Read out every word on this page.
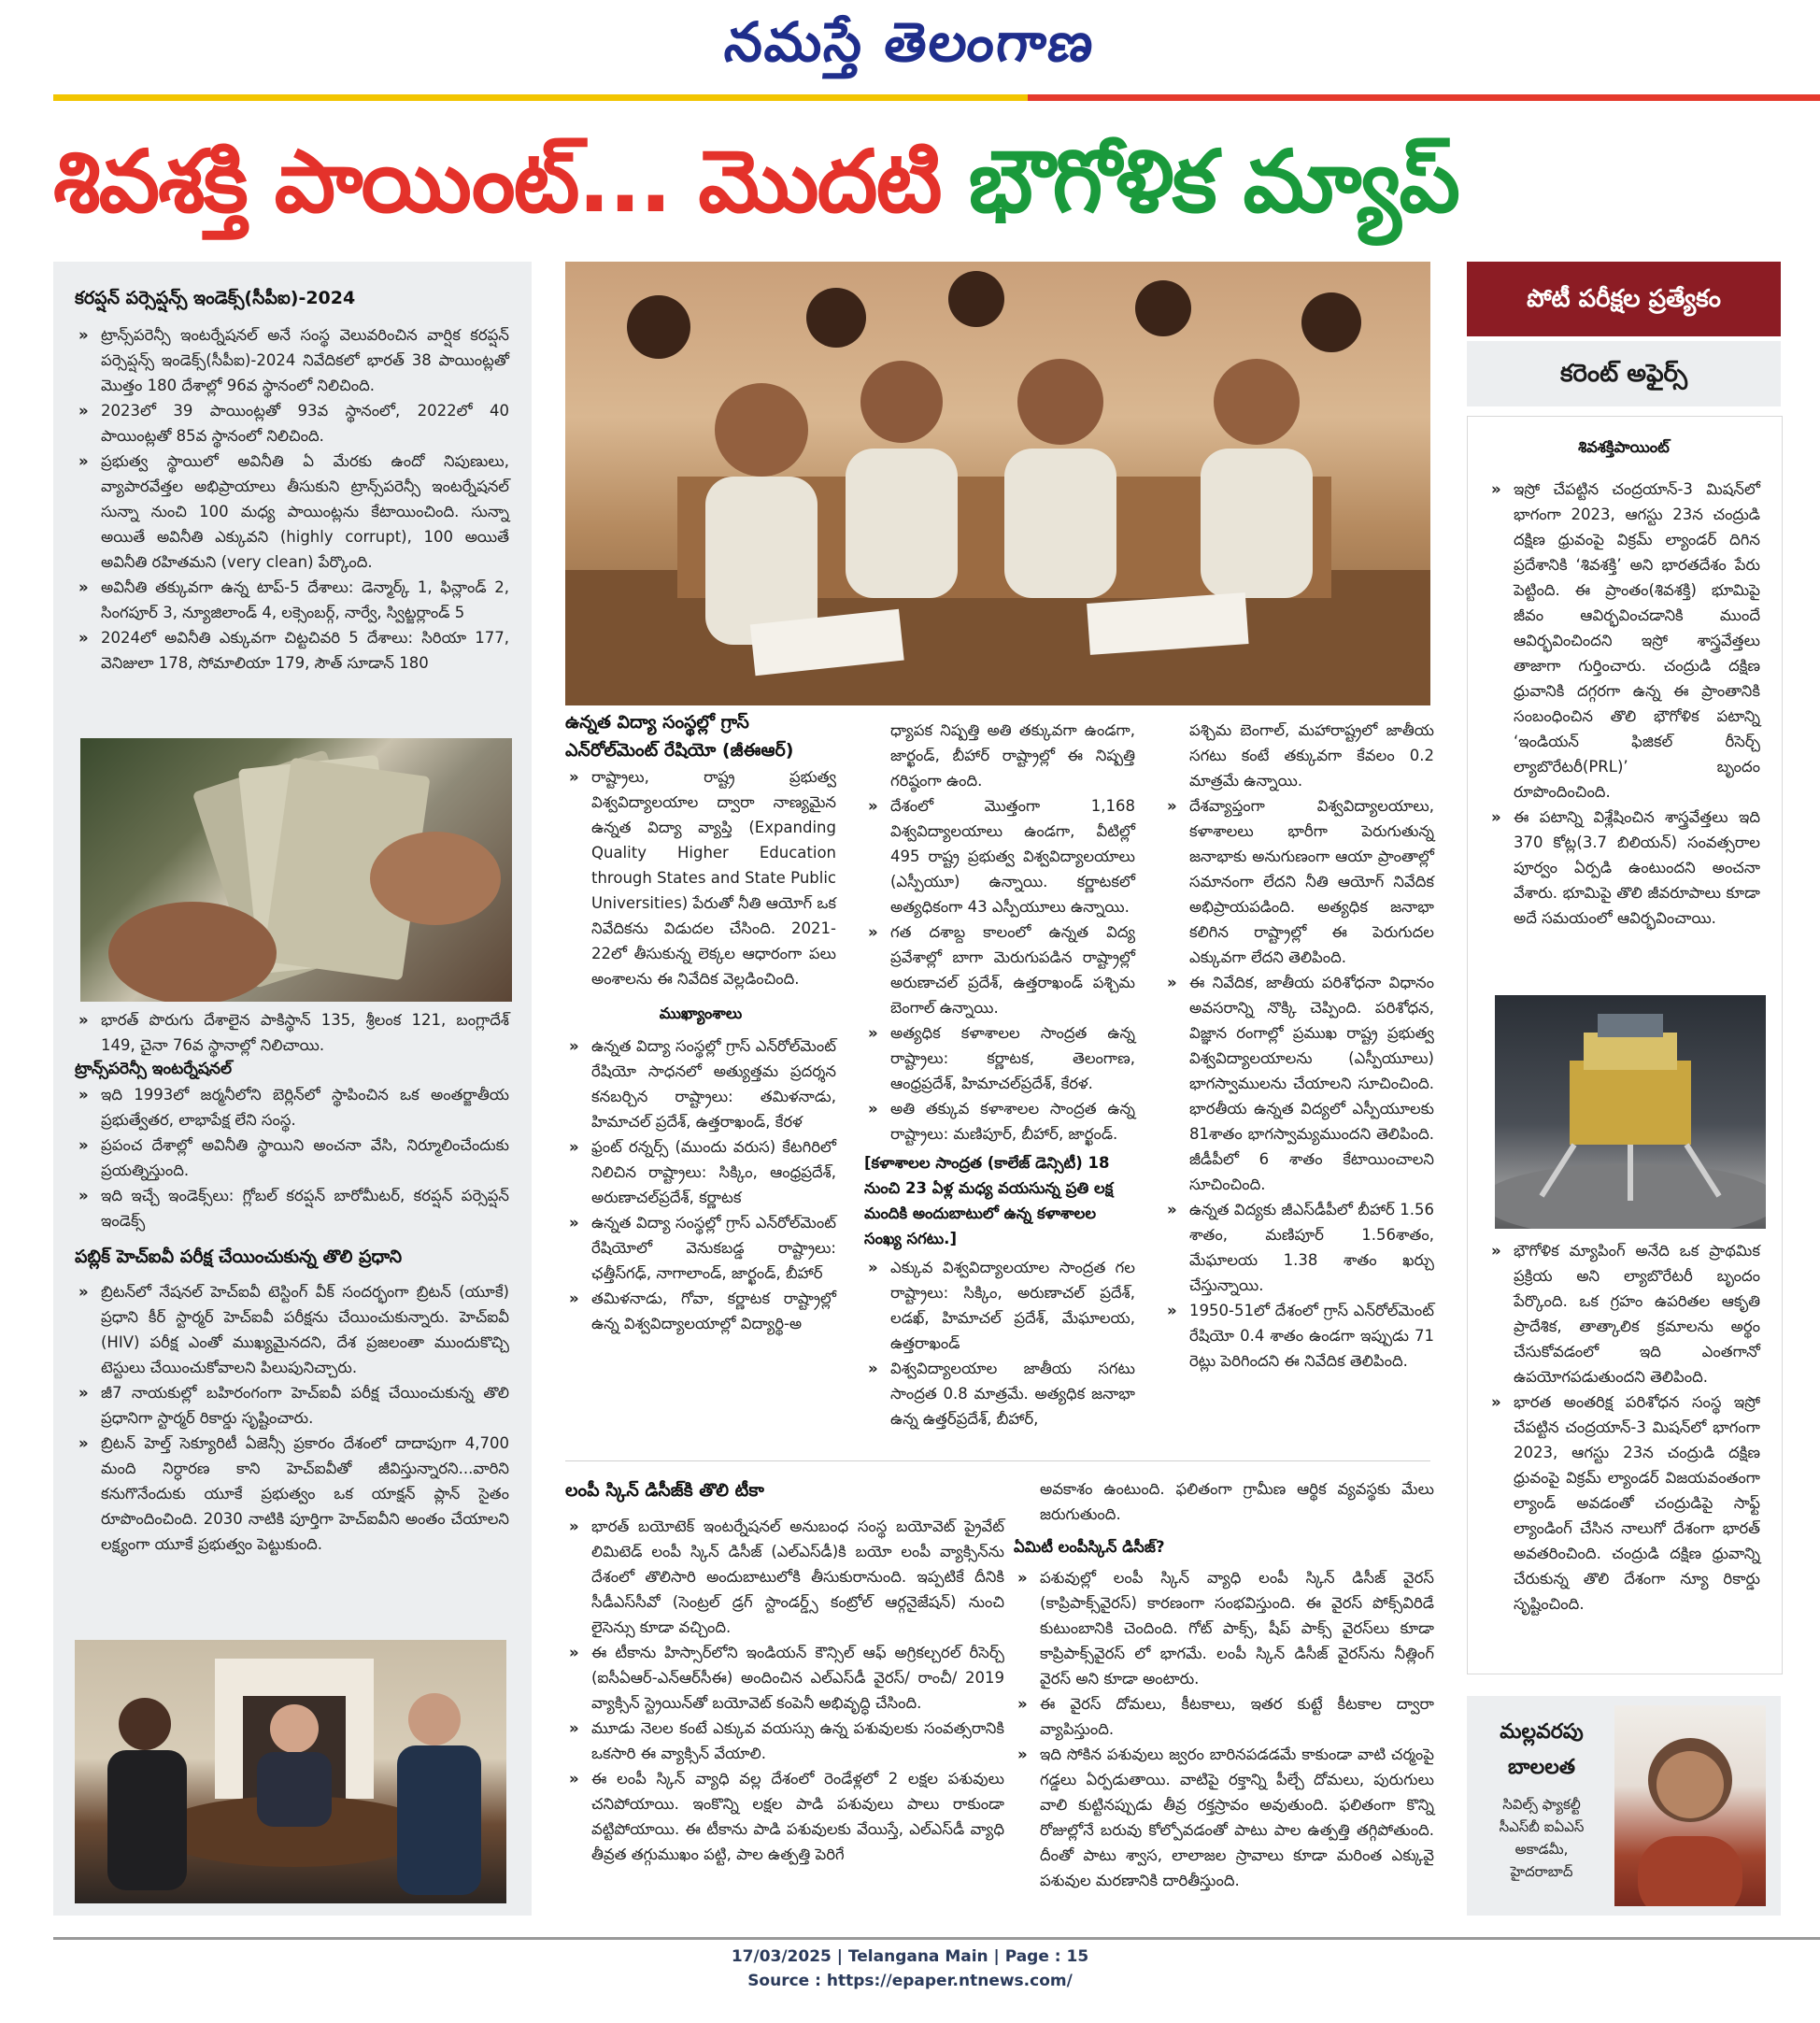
నమస్తే తెలంగాణ
శివశక్తి పాయింట్... మొదటి భౌగోళిక మ్యాప్
కరప్షన్ పర్సెప్షన్స్ ఇండెక్స్(సీపీఐ)-2024
» ట్రాన్స్‌పరెన్సీ ఇంటర్నేషనల్ అనే సంస్థ వెలువరించిన వార్షిక కరప్షన్ పర్సెప్షన్స్ ఇండెక్స్(సీపీఐ)-2024 నివేదికలో భారత్ 38 పాయింట్లతో మొత్తం 180 దేశాల్లో 96వ స్థానంలో నిలిచింది.
» 2023లో 39 పాయింట్లతో 93వ స్థానంలో, 2022లో 40 పాయింట్లతో 85వ స్థానంలో నిలిచింది.
» ప్రభుత్వ స్థాయిలో అవినీతి ఏ మేరకు ఉందో నిపుణులు, వ్యాపారవేత్తల అభిప్రాయాలు తీసుకుని ట్రాన్స్‌పరెన్సీ ఇంటర్నేషనల్ సున్నా నుంచి 100 మధ్య పాయింట్లను కేటాయించింది. సున్నా అయితే అవినీతి ఎక్కువని (highly corrupt), 100 అయితే అవినీతి రహితమని (very clean) పేర్కొంది.
» అవినీతి తక్కువగా ఉన్న టాప్-5 దేశాలు: డెన్మార్క్ 1, ఫిన్లాండ్ 2, సింగపూర్ 3, న్యూజిలాండ్ 4, లక్సెంబర్గ్, నార్వే, స్విట్జర్లాండ్ 5
» 2024లో అవినీతి ఎక్కువగా చిట్టచివరి 5 దేశాలు: సిరియా 177, వెనిజులా 178, సోమాలియా 179, సౌత్ సూడాన్ 180
» భారత్ పొరుగు దేశాలైన పాకిస్థాన్ 135, శ్రీలంక 121, బంగ్లాదేశ్ 149, చైనా 76వ స్థానాల్లో నిలిచాయి.
ట్రాన్స్‌పరెన్సీ ఇంటర్నేషనల్
» ఇది 1993లో జర్మనీలోని బెర్లిన్‌లో స్థాపించిన ఒక అంతర్జాతీయ ప్రభుత్వేతర, లాభాపేక్ష లేని సంస్థ.
» ప్రపంచ దేశాల్లో అవినీతి స్థాయిని అంచనా వేసి, నిర్మూలించేందుకు ప్రయత్నిస్తుంది.
» ఇది ఇచ్చే ఇండెక్స్‌లు: గ్లోబల్ కరప్షన్ బారోమీటర్, కరప్షన్ పర్సెప్షన్ ఇండెక్స్
పబ్లిక్ హెచ్ఐవీ పరీక్ష చేయించుకున్న తొలి ప్రధాని
» బ్రిటన్‌లో నేషనల్ హెచ్ఐవీ టెస్టింగ్ వీక్ సందర్భంగా బ్రిటన్ (యూకే) ప్రధాని కీర్ స్టార్మర్ హెచ్ఐవీ పరీక్షను చేయించుకున్నారు. హెచ్ఐవీ (HIV) పరీక్ష ఎంతో ముఖ్యమైనదని, దేశ ప్రజలంతా ముందుకొచ్చి టెస్టులు చేయించుకోవాలని పిలుపునిచ్చారు.
» జీ7 నాయకుల్లో బహిరంగంగా హెచ్ఐవీ పరీక్ష చేయించుకున్న తొలి ప్రధానిగా స్టార్మర్ రికార్డు సృష్టించారు.
» బ్రిటన్ హెల్త్ సెక్యూరిటీ ఏజెన్సీ ప్రకారం దేశంలో దాదాపుగా 4,700 మంది నిర్ధారణ కాని హెచ్ఐవీతో జీవిస్తున్నారని...వారిని కనుగొనేందుకు యూకే ప్రభుత్వం ఒక యాక్షన్ ప్లాన్ సైతం రూపొందించింది. 2030 నాటికి పూర్తిగా హెచ్ఐవీని అంతం చేయాలని లక్ష్యంగా యూకే ప్రభుత్వం పెట్టుకుంది.
ఉన్నత విద్యా సంస్థల్లో గ్రాస్ ఎన్‌రోల్‌మెంట్ రేషియో (జీఈఆర్)
» రాష్ట్రాలు, రాష్ట్ర ప్రభుత్వ విశ్వవిద్యాలయాల ద్వారా నాణ్యమైన ఉన్నత విద్యా వ్యాప్తి (Expanding Quality Higher Education through States and State Public Universities) పేరుతో నీతి ఆయోగ్ ఒక నివేదికను విడుదల చేసింది. 2021-22లో తీసుకున్న లెక్కల ఆధారంగా పలు అంశాలను ఈ నివేదిక వెల్లడించింది.
ముఖ్యాంశాలు
» ఉన్నత విద్యా సంస్థల్లో గ్రాస్ ఎన్‌రోల్‌మెంట్ రేషియో సాధనలో అత్యుత్తమ ప్రదర్శన కనబర్చిన రాష్ట్రాలు: తమిళనాడు, హిమాచల్ ప్రదేశ్, ఉత్తరాఖండ్, కేరళ
» ఫ్రంట్ రన్నర్స్ (ముందు వరుస) కేటగిరిలో నిలిచిన రాష్ట్రాలు: సిక్కిం, ఆంధ్రప్రదేశ్, అరుణాచల్‌ప్రదేశ్, కర్ణాటక
» ఉన్నత విద్యా సంస్థల్లో గ్రాస్ ఎన్‌రోల్‌మెంట్ రేషియోలో వెనుకబడ్డ రాష్ట్రాలు: ఛత్తీస్‌గఢ్, నాగాలాండ్, జార్ఖండ్, బీహార్
» తమిళనాడు, గోవా, కర్ణాటక రాష్ట్రాల్లో ఉన్న విశ్వవిద్యాలయాల్లో విద్యార్థి-అ
ధ్యాపక నిష్పత్తి అతి తక్కువగా ఉండగా, జార్ఖండ్, బీహార్ రాష్ట్రాల్లో ఈ నిష్పత్తి గరిష్ఠంగా ఉంది.
» దేశంలో మొత్తంగా 1,168 విశ్వవిద్యాలయాలు ఉండగా, వీటిల్లో 495 రాష్ట్ర ప్రభుత్వ విశ్వవిద్యాలయాలు (ఎస్పీయూ) ఉన్నాయి. కర్ణాటకలో అత్యధికంగా 43 ఎస్పీయూలు ఉన్నాయి.
» గత దశాబ్ద కాలంలో ఉన్నత విద్య ప్రవేశాల్లో బాగా మెరుగుపడిన రాష్ట్రాల్లో అరుణాచల్ ప్రదేశ్, ఉత్తరాఖండ్ పశ్చిమ బెంగాల్ ఉన్నాయి.
» అత్యధిక కళాశాలల సాంద్రత ఉన్న రాష్ట్రాలు: కర్ణాటక, తెలంగాణ, ఆంధ్రప్రదేశ్, హిమాచల్‌ప్రదేశ్, కేరళ.
» అతి తక్కువ కళాశాలల సాంద్రత ఉన్న రాష్ట్రాలు: మణిపూర్, బీహార్, జార్ఖండ్.
[కళాశాలల సాంద్రత (కాలేజ్ డెన్సిటీ) 18 నుంచి 23 ఏళ్ల మధ్య వయసున్న ప్రతి లక్ష మందికి అందుబాటులో ఉన్న కళాశాలల సంఖ్య సగటు.]
» ఎక్కువ విశ్వవిద్యాలయాల సాంద్రత గల రాష్ట్రాలు: సిక్కిం, అరుణాచల్ ప్రదేశ్, లడఖ్, హిమాచల్ ప్రదేశ్, మేఘాలయ, ఉత్తరాఖండ్
» విశ్వవిద్యాలయాల జాతీయ సగటు సాంద్రత 0.8 మాత్రమే. అత్యధిక జనాభా ఉన్న ఉత్తర్‌ప్రదేశ్, బీహార్,
పశ్చిమ బెంగాల్, మహారాష్ట్రలో జాతీయ సగటు కంటే తక్కువగా కేవలం 0.2 మాత్రమే ఉన్నాయి.
» దేశవ్యాప్తంగా విశ్వవిద్యాలయాలు, కళాశాలలు భారీగా పెరుగుతున్న జనాభాకు అనుగుణంగా ఆయా ప్రాంతాల్లో సమానంగా లేదని నీతి ఆయోగ్ నివేదిక అభిప్రాయపడింది. అత్యధిక జనాభా కలిగిన రాష్ట్రాల్లో ఈ పెరుగుదల ఎక్కువగా లేదని తెలిపింది.
» ఈ నివేదిక, జాతీయ పరిశోధనా విధానం అవసరాన్ని నొక్కి చెప్పింది. పరిశోధన, విజ్ఞాన రంగాల్లో ప్రముఖ రాష్ట్ర ప్రభుత్వ విశ్వవిద్యాలయాలను (ఎస్పీయూలు) భాగస్వాములను చేయాలని సూచించింది. భారతీయ ఉన్నత విద్యలో ఎస్పీయూలకు 81శాతం భాగస్వామ్యముందని తెలిపింది. జీడీపీలో 6 శాతం కేటాయించాలని సూచించింది.
» ఉన్నత విద్యకు జీఎస్‌డీపీలో బీహార్ 1.56 శాతం, మణిపూర్ 1.56శాతం, మేఘాలయ 1.38 శాతం ఖర్చు చేస్తున్నాయి.
» 1950-51లో దేశంలో గ్రాస్ ఎన్‌రోల్‌మెంట్ రేషియో 0.4 శాతం ఉండగా ఇప్పుడు 71 రెట్లు పెరిగిందని ఈ నివేదిక తెలిపింది.
లంపీ స్కిన్ డిసీజ్‌కి తొలి టీకా
» భారత్ బయోటెక్ ఇంటర్నేషనల్ అనుబంధ సంస్థ బయోవెట్ ప్రైవేట్ లిమిటెడ్ లంపీ స్కిన్ డిసీజ్ (ఎల్ఎస్‌డీ)కి బయో లంపీ వ్యాక్సిన్‌ను దేశంలో తొలిసారి అందుబాటులోకి తీసుకురానుంది. ఇప్పటికే దీనికి సీడీఎస్‌సీవో (సెంట్రల్ డ్రగ్ స్టాండర్డ్స్ కంట్రోల్ ఆర్గనైజేషన్) నుంచి లైసెన్సు కూడా వచ్చింది.
» ఈ టీకాను హిస్సార్‌లోని ఇండియన్ కౌన్సిల్ ఆఫ్ అగ్రికల్చరల్ రీసెర్చ్ (ఐసీఏఆర్-ఎన్ఆర్‌సీఈ) అందించిన ఎల్ఎస్‌డీ వైరస్/ రాంచీ/ 2019 వ్యాక్సిన్ స్ట్రెయిన్‌తో బయోవెట్ కంపెనీ అభివృద్ధి చేసింది.
» మూడు నెలల కంటే ఎక్కువ వయస్సు ఉన్న పశువులకు సంవత్సరానికి ఒకసారి ఈ వ్యాక్సిన్ వేయాలి.
» ఈ లంపీ స్కిన్ వ్యాధి వల్ల దేశంలో రెండేళ్లలో 2 లక్షల పశువులు చనిపోయాయి. ఇంకొన్ని లక్షల పాడి పశువులు పాలు రాకుండా వట్టిపోయాయి. ఈ టీకాను పాడి పశువులకు వేయిస్తే, ఎల్ఎస్‌డీ వ్యాధి తీవ్రత తగ్గుముఖం పట్టి, పాల ఉత్పత్తి పెరిగే
అవకాశం ఉంటుంది. ఫలితంగా గ్రామీణ ఆర్థిక వ్యవస్థకు మేలు జరుగుతుంది.
ఏమిటీ లంపీస్కిన్ డిసీజ్?
» పశువుల్లో లంపీ స్కిన్ వ్యాధి లంపీ స్కిన్ డిసీజ్ వైరస్ (కాప్రిపాక్స్‌వైరస్) కారణంగా సంభవిస్తుంది. ఈ వైరస్ పోక్స్‌విరిడే కుటుంబానికి చెందింది. గోట్ పాక్స్, షీప్ పాక్స్ వైరస్‌లు కూడా కాప్రిపాక్స్‌వైరస్ లో భాగమే. లంపీ స్కిన్ డిసీజ్ వైరస్‌ను నీత్లింగ్ వైరస్ అని కూడా అంటారు.
» ఈ వైరస్ దోమలు, కీటకాలు, ఇతర కుట్టే కీటకాల ద్వారా వ్యాపిస్తుంది.
» ఇది సోకిన పశువులు జ్వరం బారినపడడమే కాకుండా వాటి చర్మంపై గడ్డలు ఏర్పడుతాయి. వాటిపై రక్తాన్ని పీల్చే దోమలు, పురుగులు వాలి కుట్టినప్పుడు తీవ్ర రక్తస్రావం అవుతుంది. ఫలితంగా కొన్ని రోజుల్లోనే బరువు కోల్పోవడంతో పాటు పాల ఉత్పత్తి తగ్గిపోతుంది. దీంతో పాటు శ్వాస, లాలాజల స్రావాలు కూడా మరింత ఎక్కువై పశువుల మరణానికి దారితీస్తుంది.
పోటీ పరీక్షల ప్రత్యేకం
కరెంట్ అఫైర్స్
శివశక్తిపాయింట్
» ఇస్రో చేపట్టిన చంద్రయాన్-3 మిషన్‌లో భాగంగా 2023, ఆగస్టు 23న చంద్రుడి దక్షిణ ధ్రువంపై విక్రమ్ ల్యాండర్ దిగిన ప్రదేశానికి ‘శివశక్తి’ అని భారతదేశం పేరు పెట్టింది. ఈ ప్రాంతం(శివశక్తి) భూమిపై జీవం ఆవిర్భవించడానికి ముందే ఆవిర్భవించిందని ఇస్రో శాస్త్రవేత్తలు తాజాగా గుర్తించారు. చంద్రుడి దక్షిణ ధ్రువానికి దగ్గరగా ఉన్న ఈ ప్రాంతానికి సంబంధించిన తొలి భౌగోళిక పటాన్ని ‘ఇండియన్ ఫిజికల్ రీసెర్చ్ ల్యాబొరేటరీ(PRL)’ బృందం రూపొందించింది.
» ఈ పటాన్ని విశ్లేషించిన శాస్త్రవేత్తలు ఇది 370 కోట్ల(3.7 బిలియన్) సంవత్సరాల పూర్వం ఏర్పడి ఉంటుందని అంచనా వేశారు. భూమిపై తొలి జీవరూపాలు కూడా అదే సమయంలో ఆవిర్భవించాయి.
» భౌగోళిక మ్యాపింగ్ అనేది ఒక ప్రాథమిక ప్రక్రియ అని ల్యాబొరేటరీ బృందం పేర్కొంది. ఒక గ్రహం ఉపరితల ఆకృతి ప్రాదేశిక, తాత్కాలిక క్రమాలను అర్థం చేసుకోవడంలో ఇది ఎంతగానో ఉపయోగపడుతుందని తెలిపింది.
» భారత అంతరిక్ష పరిశోధన సంస్థ ఇస్రో చేపట్టిన చంద్రయాన్-3 మిషన్‌లో భాగంగా 2023, ఆగస్టు 23న చంద్రుడి దక్షిణ ధ్రువంపై విక్రమ్ ల్యాండర్ విజయవంతంగా ల్యాండ్ అవడంతో చంద్రుడిపై సాఫ్ట్ ల్యాండింగ్ చేసిన నాలుగో దేశంగా భారత్ అవతరించింది. చంద్రుడి దక్షిణ ధ్రువాన్ని చేరుకున్న తొలి దేశంగా న్యూ రికార్డు సృష్టించింది.
మల్లవరపు
బాలలత
సివిల్స్ ఫ్యాకల్టీ
సీఎస్‌బీ ఐఏఎస్
అకాడమీ,
హైదరాబాద్
17/03/2025 | Telangana Main | Page : 15
Source : https://epaper.ntnews.com/
